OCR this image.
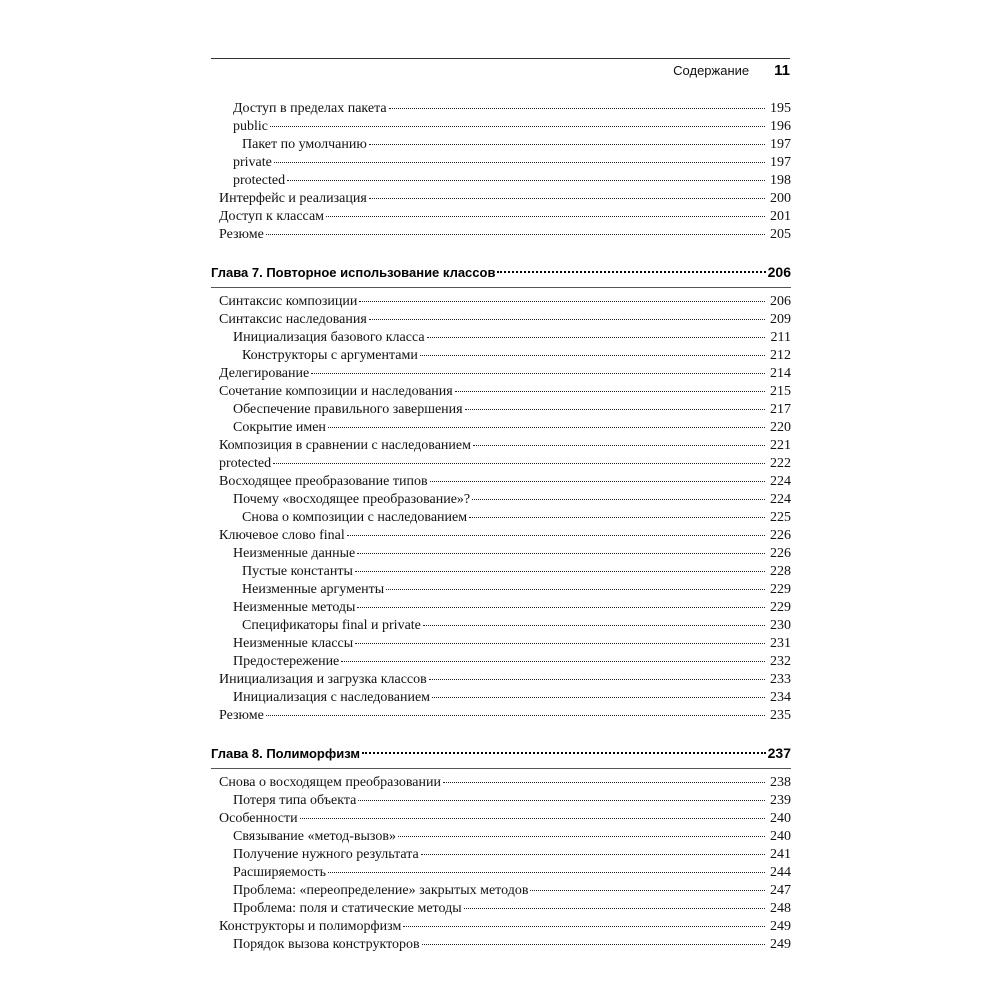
Содержание 11
Доступ в пределах пакета	195
public	196
Пакет по умолчанию	197
private	197
protected	198
Интерфейс и реализация	200
Доступ к классам	201
Резюме	205
Глава 7. Повторное использование классов	206
Синтаксис композиции	206
Синтаксис наследования	209
Инициализация базового класса	211
Конструкторы с аргументами	212
Делегирование	214
Сочетание композиции и наследования	215
Обеспечение правильного завершения	217
Сокрытие имен	220
Композиция в сравнении с наследованием	221
protected	222
Восходящее преобразование типов	224
Почему «восходящее преобразование»?	224
Снова о композиции с наследованием	225
Ключевое слово final	226
Неизменные данные	226
Пустые константы	228
Неизменные аргументы	229
Неизменные методы	229
Спецификаторы final и private	230
Неизменные классы	231
Предостережение	232
Инициализация и загрузка классов	233
Инициализация с наследованием	234
Резюме	235
Глава 8. Полиморфизм	237
Снова о восходящем преобразовании	238
Потеря типа объекта	239
Особенности	240
Связывание «метод-вызов»	240
Получение нужного результата	241
Расширяемость	244
Проблема: «переопределение» закрытых методов	247
Проблема: поля и статические методы	248
Конструкторы и полиморфизм	249
Порядок вызова конструкторов	249
